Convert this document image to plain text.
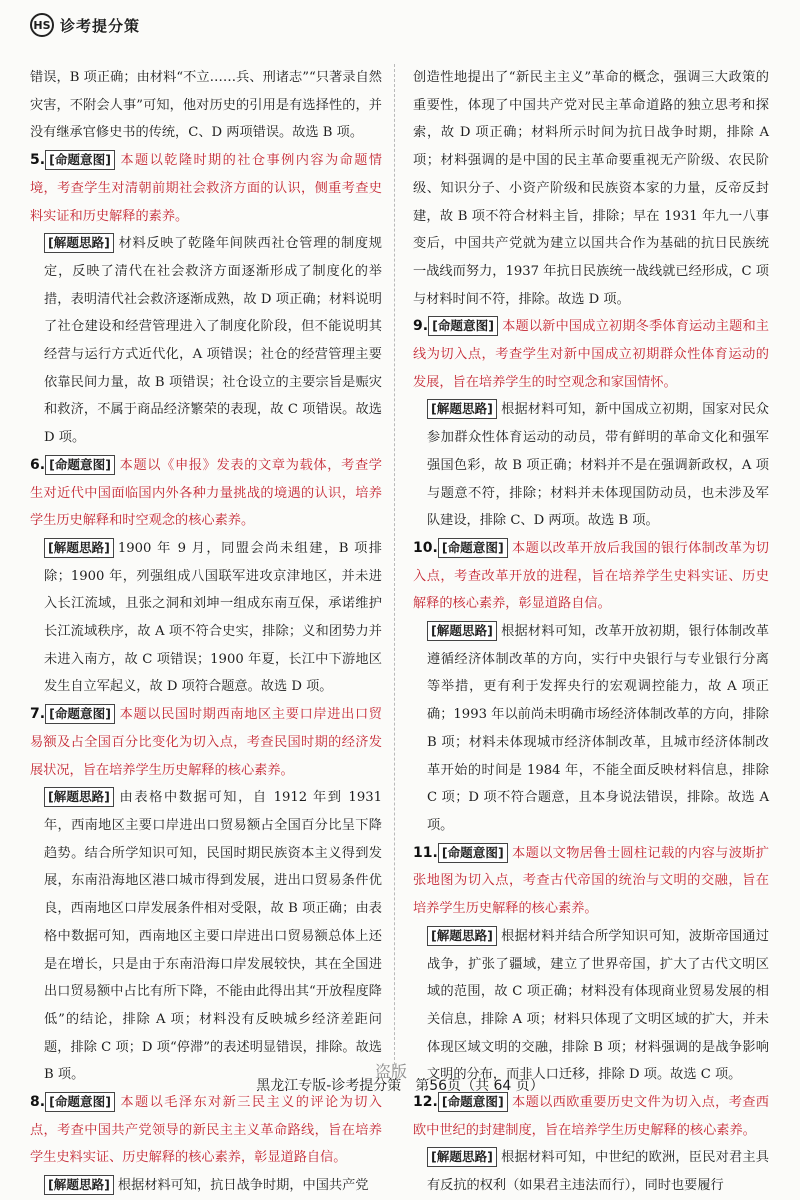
HS 诊考提分策

错误，B 项正确；由材料“不立……兵、刑诸志”“只著录自然灾害，不附会人事”可知，他对历史的引用是有选择性的，并没有继承官修史书的传统，C、D 两项错误。故选 B 项。

5. [命题意图] 本题以乾隆时期的社仓事例内容为命题情境，考查学生对清朝前期社会救济方面的认识，侧重考查史料实证和历史解释的素养。

[解题思路] 材料反映了乾隆年间陕西社仓管理的制度规定，反映了清代在社会救济方面逐渐形成了制度化的举措，表明清代社会救济逐渐成熟，故 D 项正确；材料说明了社仓建设和经营管理进入了制度化阶段，但不能说明其经营与运行方式近代化，A 项错误；社仓的经营管理主要依靠民间力量，故 B 项错误；社仓设立的主要宗旨是赈灾和救济，不属于商品经济繁荣的表现，故 C 项错误。故选 D 项。

6. [命题意图] 本题以《申报》发表的文章为载体，考查学生对近代中国面临国内外各种力量挑战的境遇的认识，培养学生历史解释和时空观念的核心素养。

[解题思路] 1900 年 9 月，同盟会尚未组建，B 项排除；1900 年，列强组成八国联军进攻京津地区，并未进入长江流域，且张之洞和刘坤一组成东南互保，承诺维护长江流域秩序，故 A 项不符合史实，排除；义和团势力并未进入南方，故 C 项错误；1900 年夏，长江中下游地区发生自立军起义，故 D 项符合题意。故选 D 项。

7. [命题意图] 本题以民国时期西南地区主要口岸进出口贸易额及占全国百分比变化为切入点，考查民国时期的经济发展状况，旨在培养学生历史解释的核心素养。

[解题思路] 由表格中数据可知，自 1912 年到 1931 年，西南地区主要口岸进出口贸易额占全国百分比呈下降趋势。结合所学知识可知，民国时期民族资本主义得到发展，东南沿海地区港口城市得到发展，进出口贸易条件优良，西南地区口岸发展条件相对受限，故 B 项正确；由表格中数据可知，西南地区主要口岸进出口贸易额总体上还是在增长，只是由于东南沿海口岸发展较快，其在全国进出口贸易额中占比有所下降，不能由此得出其“开放程度降低”的结论，排除 A 项；材料没有反映城乡经济差距问题，排除 C 项；D 项“停滞”的表述明显错误，排除。故选 B 项。

8. [命题意图] 本题以毛泽东对新三民主义的评论为切入点，考查中国共产党领导的新民主主义革命路线，旨在培养学生史料实证、历史解释的核心素养，彰显道路自信。

[解题思路] 根据材料可知，抗日战争时期，中国共产党

创造性地提出了“新民主主义”革命的概念，强调三大政策的重要性，体现了中国共产党对民主革命道路的独立思考和探索，故 D 项正确；材料所示时间为抗日战争时期，排除 A 项；材料强调的是中国的民主革命要重视无产阶级、农民阶级、知识分子、小资产阶级和民族资本家的力量，反帝反封建，故 B 项不符合材料主旨，排除；早在 1931 年九一八事变后，中国共产党就为建立以国共合作为基础的抗日民族统一战线而努力，1937 年抗日民族统一战线就已经形成，C 项与材料时间不符，排除。故选 D 项。

9. [命题意图] 本题以新中国成立初期冬季体育运动主题和主线为切入点，考查学生对新中国成立初期群众性体育运动的发展，旨在培养学生的时空观念和家国情怀。

[解题思路] 根据材料可知，新中国成立初期，国家对民众参加群众性体育运动的动员，带有鲜明的革命文化和强军强国色彩，故 B 项正确；材料并不是在强调新政权，A 项与题意不符，排除；材料并未体现国防动员，也未涉及军队建设，排除 C、D 两项。故选 B 项。

10. [命题意图] 本题以改革开放后我国的银行体制改革为切入点，考查改革开放的进程，旨在培养学生史料实证、历史解释的核心素养，彰显道路自信。

[解题思路] 根据材料可知，改革开放初期，银行体制改革遵循经济体制改革的方向，实行中央银行与专业银行分离等举措，更有利于发挥央行的宏观调控能力，故 A 项正确；1993 年以前尚未明确市场经济体制改革的方向，排除 B 项；材料未体现城市经济体制改革，且城市经济体制改革开始的时间是 1984 年，不能全面反映材料信息，排除 C 项；D 项不符合题意，且本身说法错误，排除。故选 A 项。

11. [命题意图] 本题以文物居鲁士圆柱记载的内容与波斯扩张地图为切入点，考查古代帝国的统治与文明的交融，旨在培养学生历史解释的核心素养。

[解题思路] 根据材料并结合所学知识可知，波斯帝国通过战争，扩张了疆域，建立了世界帝国，扩大了古代文明区域的范围，故 C 项正确；材料没有体现商业贸易发展的相关信息，排除 A 项；材料只体现了文明区域的扩大，并未体现区域文明的交融，排除 B 项；材料强调的是战争影响文明的分布，而非人口迁移，排除 D 项。故选 C 项。

12. [命题意图] 本题以西欧重要历史文件为切入点，考查西欧中世纪的封建制度，旨在培养学生历史解释的核心素养。

[解题思路] 根据材料可知，中世纪的欧洲，臣民对君主具有反抗的权利（如果君主违法而行），同时也要履行

盗版
黑龙江专版-诊考提分策 第56页（共 64 页）
